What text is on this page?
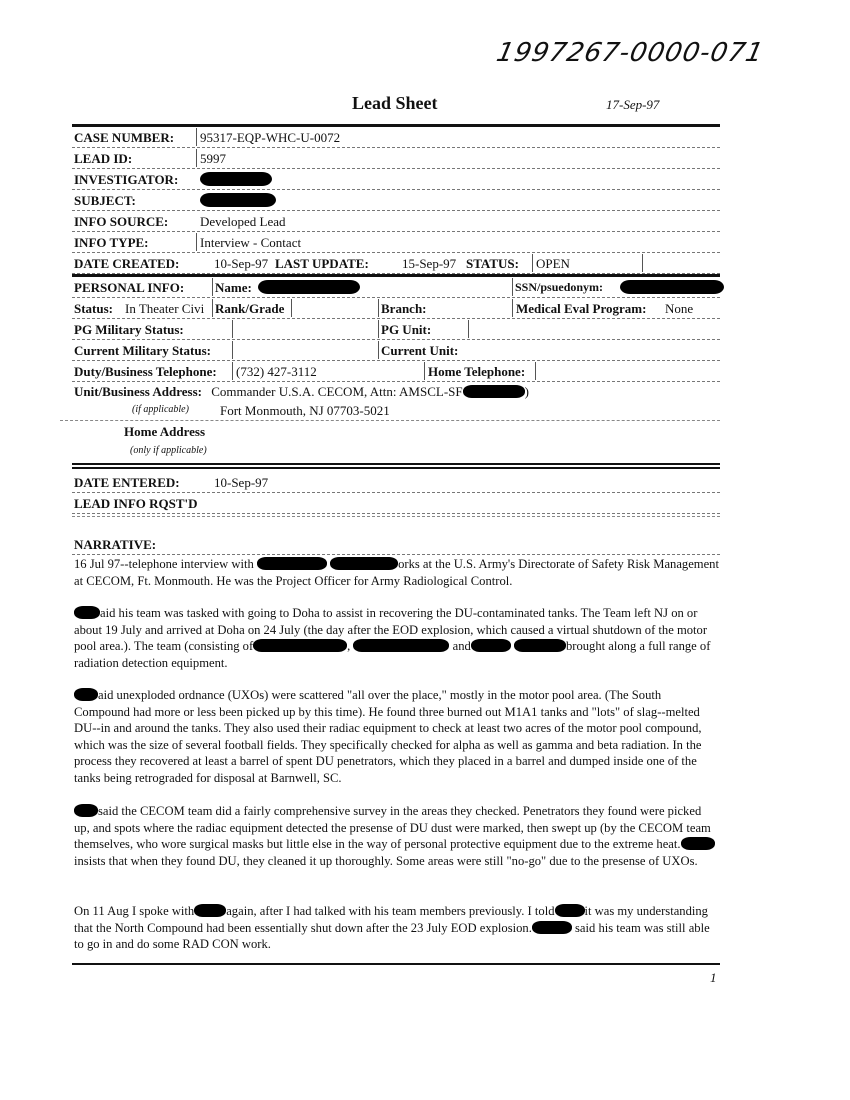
1997267-0000-071
Lead Sheet	17-Sep-97
CASE NUMBER: 95317-EQP-WHC-U-0072
LEAD ID:	5997
INVESTIGATOR:
SUBJECT:
INFO SOURCE: Developed Lead
INFO TYPE:	Interview - Contact
DATE CREATED:	10-Sep-97 LAST UPDATE:	15-Sep-97 STATUS: OPEN
PERSONAL INFO: Name:	SSN/psuedonym:
Status: In Theater Civi Rank/Grade	Branch:	Medical Eval Program: None
PG Military Status:	PG Unit:
Current Military Status:	Current Unit:
Duty/Business Telephone: (732) 427-3112	Home Telephone:
Unit/Business Address: Commander U.S.A. CECOM, Attn: AMSCL-SF	)
(if applicable) Fort Monmouth, NJ 07703-5021
Home Address
(only if applicable)
DATE ENTERED:	10-Sep-97
LEAD INFO RQST'D
NARRATIVE:

16 Jul 97--telephone interview with	orks at the U.S. Army's Directorate of Safety Risk Management at CECOM, Ft. Monmouth. He was the Project Officer for Army Radiological Control.

aid his team was tasked with going to Doha to assist in recovering the DU-contaminated tanks. The Team left NJ on or about 19 July and arrived at Doha on 24 July (the day after the EOD explosion, which caused a virtual shutdown of the motor pool area.). The team (consisting of	,	and	brought along a full range of radiation detection equipment.

aid unexploded ordnance (UXOs) were scattered "all over the place," mostly in the motor pool area. (The South Compound had more or less been picked up by this time). He found three burned out M1A1 tanks and "lots" of slag--melted DU--in and around the tanks. They also used their radiac equipment to check at least two acres of the motor pool compound, which was the size of several football fields. They specifically checked for alpha as well as gamma and beta radiation. In the process they recovered at least a barrel of spent DU penetrators, which they placed in a barrel and dumped inside one of the tanks being retrograded for disposal at Barnwell, SC.

said the CECOM team did a fairly comprehensive survey in the areas they checked. Penetrators they found were picked up, and spots where the radiac equipment detected the presense of DU dust were marked, then swept up (by the CECOM team themselves, who wore surgical masks but little else in the way of personal protective equipment due to the extreme heat.insists that when they found DU, they cleaned it up thoroughly. Some areas were still "no-go" due to the presense of UXOs.

On 11 Aug I spoke with	again, after I had talked with his team members previously. I told it was my understanding that the North Compound had been essentially shut down after the 23 July EOD explosion.	said his team was still able to go in and do some RAD CON work.

1
